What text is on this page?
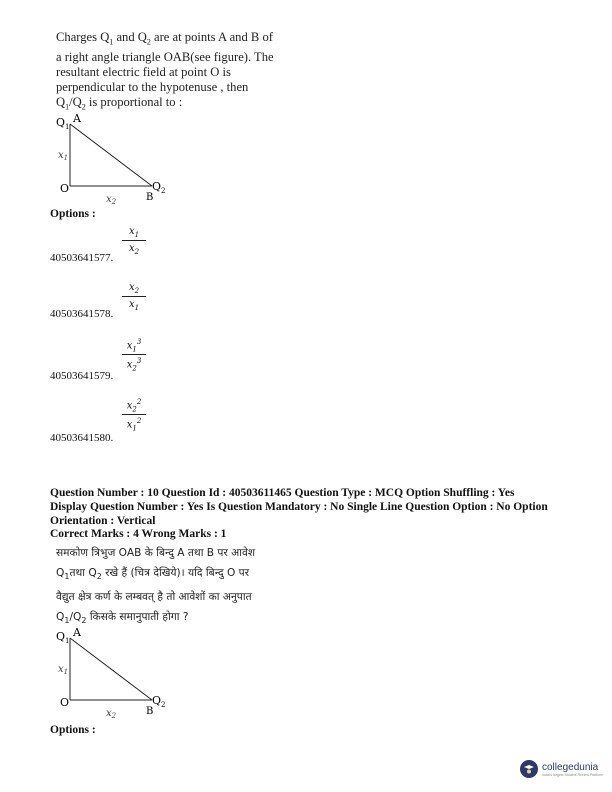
Charges $Q_1$ and $Q_2$ are at points A and B of
a right angle triangle OAB(see figure). The
resultant electric field at point O is
perpendicular to the hypotenuse , then
$Q_1/Q_2$ is proportional to :
$Q_1$
A
$x_1$
O
$x_2$	B
$Q_2$
Options :
$\frac{x_1}{x_2}$
40503641577.
$\frac{x_2}{x_1}$
40503641578.
$\frac{x_1^3}{x_2^3}$
40503641579.
$\frac{x_2^2}{x_1^2}$
40503641580.
Question Number : 10 Question Id : 40503611465 Question Type : MCQ Option Shuffling : Yes
Display Question Number : Yes Is Question Mandatory : No Single Line Question Option : No Option
Orientation : Vertical
Correct Marks : 4 Wrong Marks : 1
समकोण त्रिभुज OAB के बिन्दु A तथा B पर आवेश
$Q_1तथा$ $Q_2$ रखे हैं (चित्र देखिये)। यदि बिन्दु O पर
वैद्युत क्षेत्र कर्ण के लम्बवत् है तो आवेशों का अनुपात
$Q_1/Q_2$ किसके समानुपाती होगा ?
$Q_1$
A
$x_1$
O
$x_2$	B
$Q_2$
Options :
collegedunia
India's largest Student Review Platform
